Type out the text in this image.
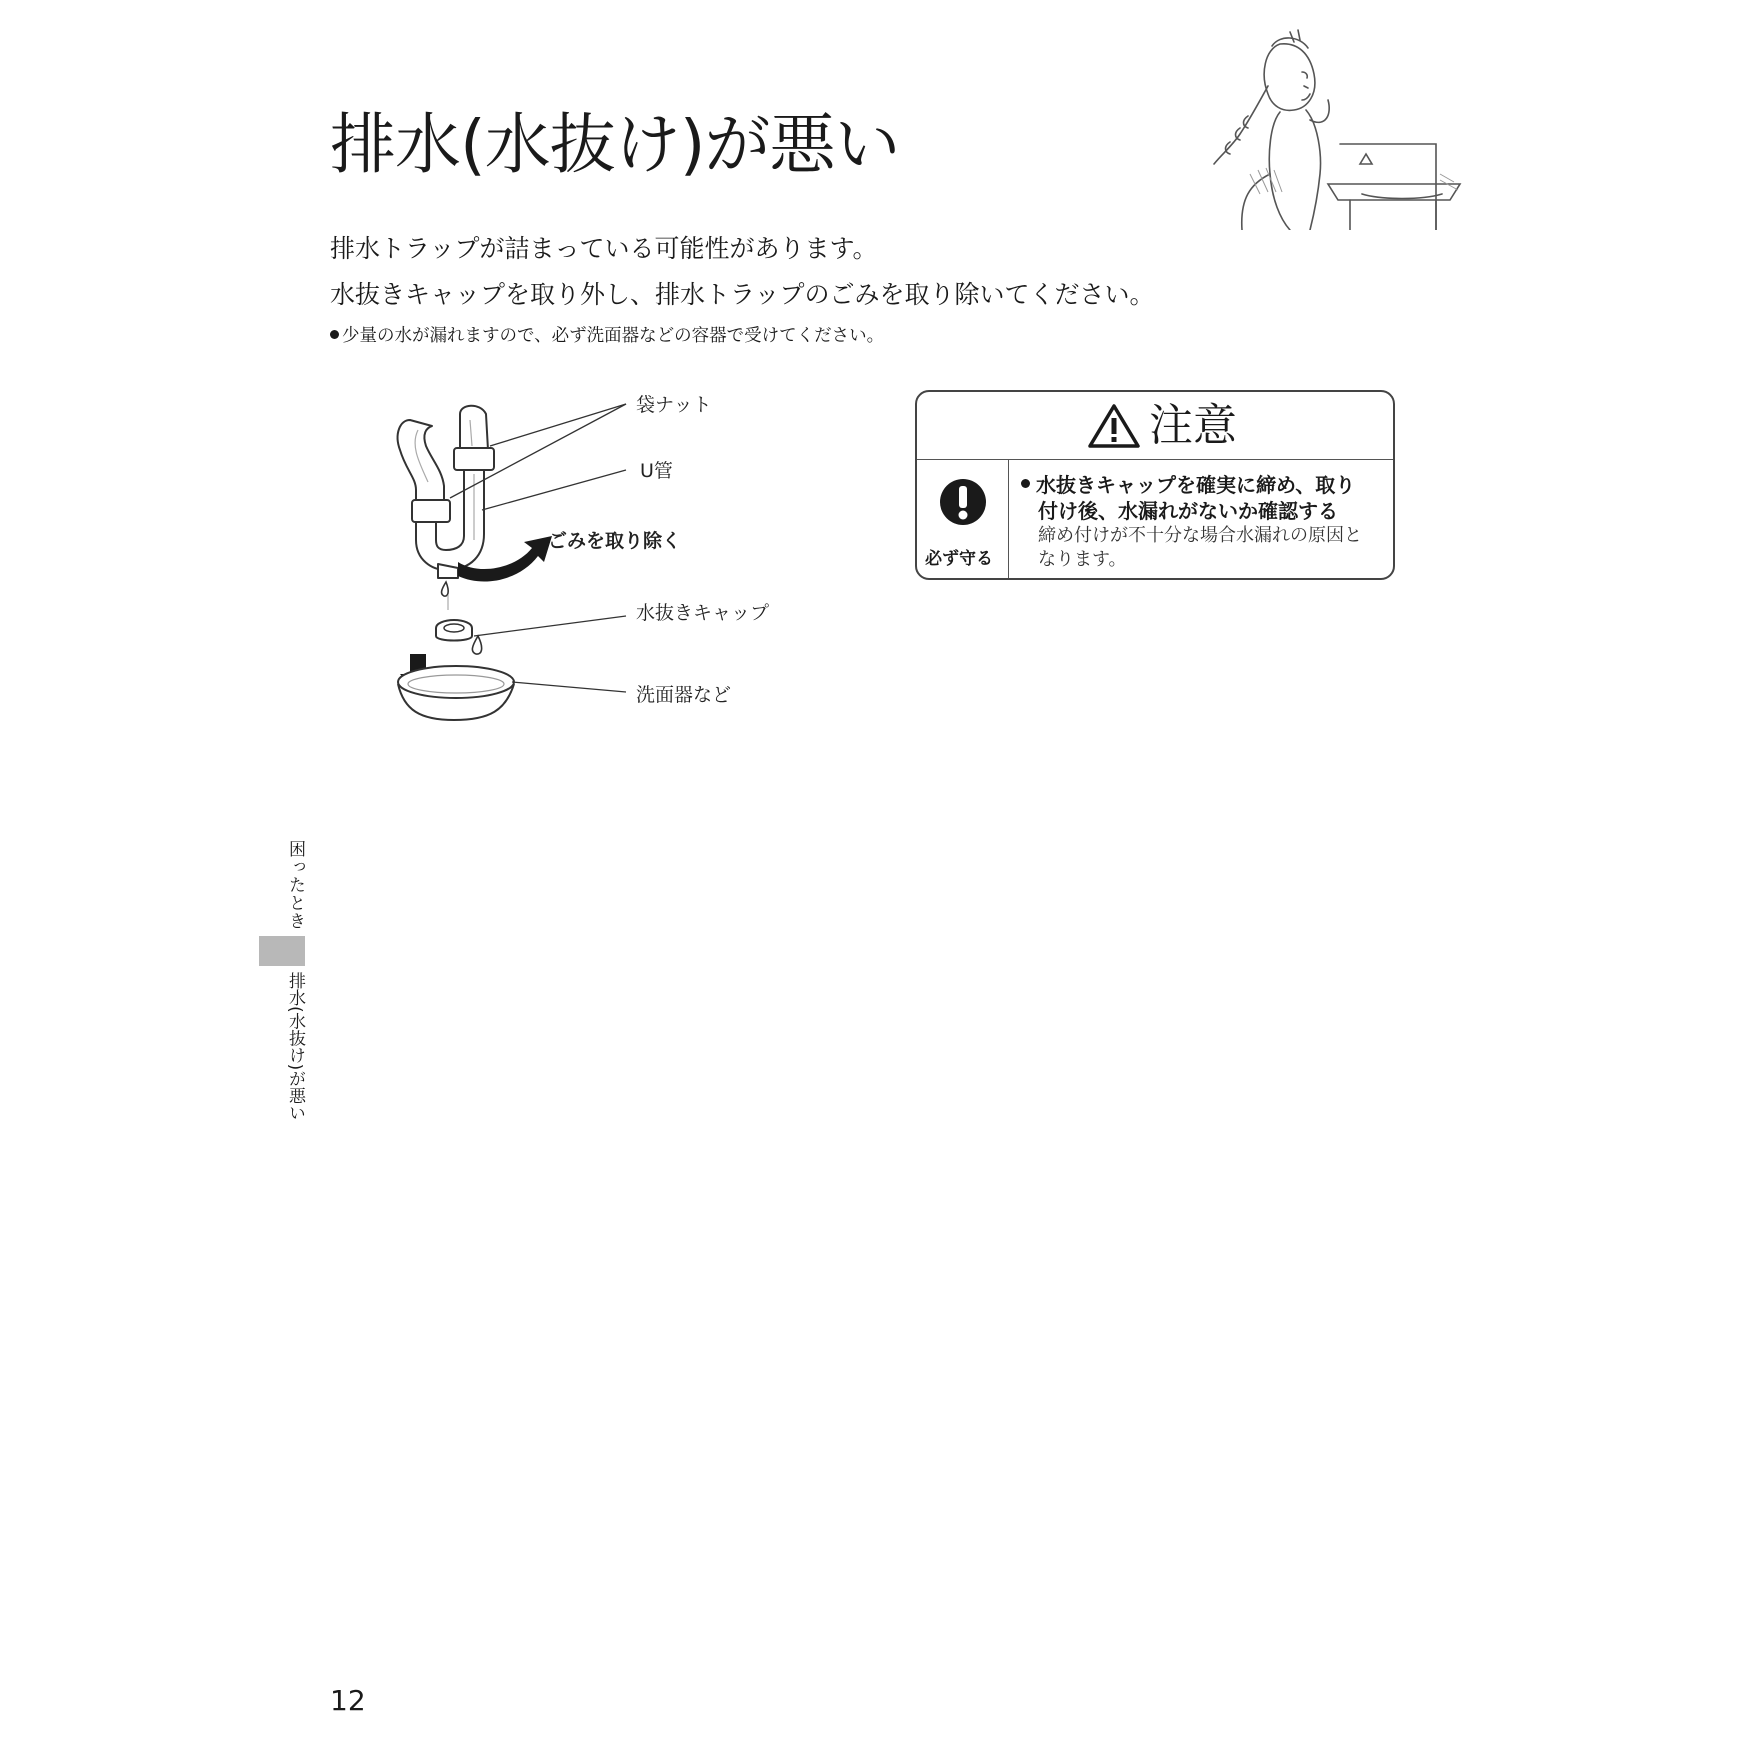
排水(水抜け)が悪い
排水トラップが詰まっている可能性があります。
水抜きキャップを取り外し、排水トラップのごみを取り除いてください。
少量の水が漏れますので、必ず洗面器などの容器で受けてください。
袋ナット
U管
ごみを取り除く
水抜きキャップ
洗面器など
注意
必ず守る
水抜きキャップを確実に締め、取り
付け後、水漏れがないか確認する
締め付けが不十分な場合水漏れの原因と
なります。
困ったとき
排水(水抜け)が悪い
12
